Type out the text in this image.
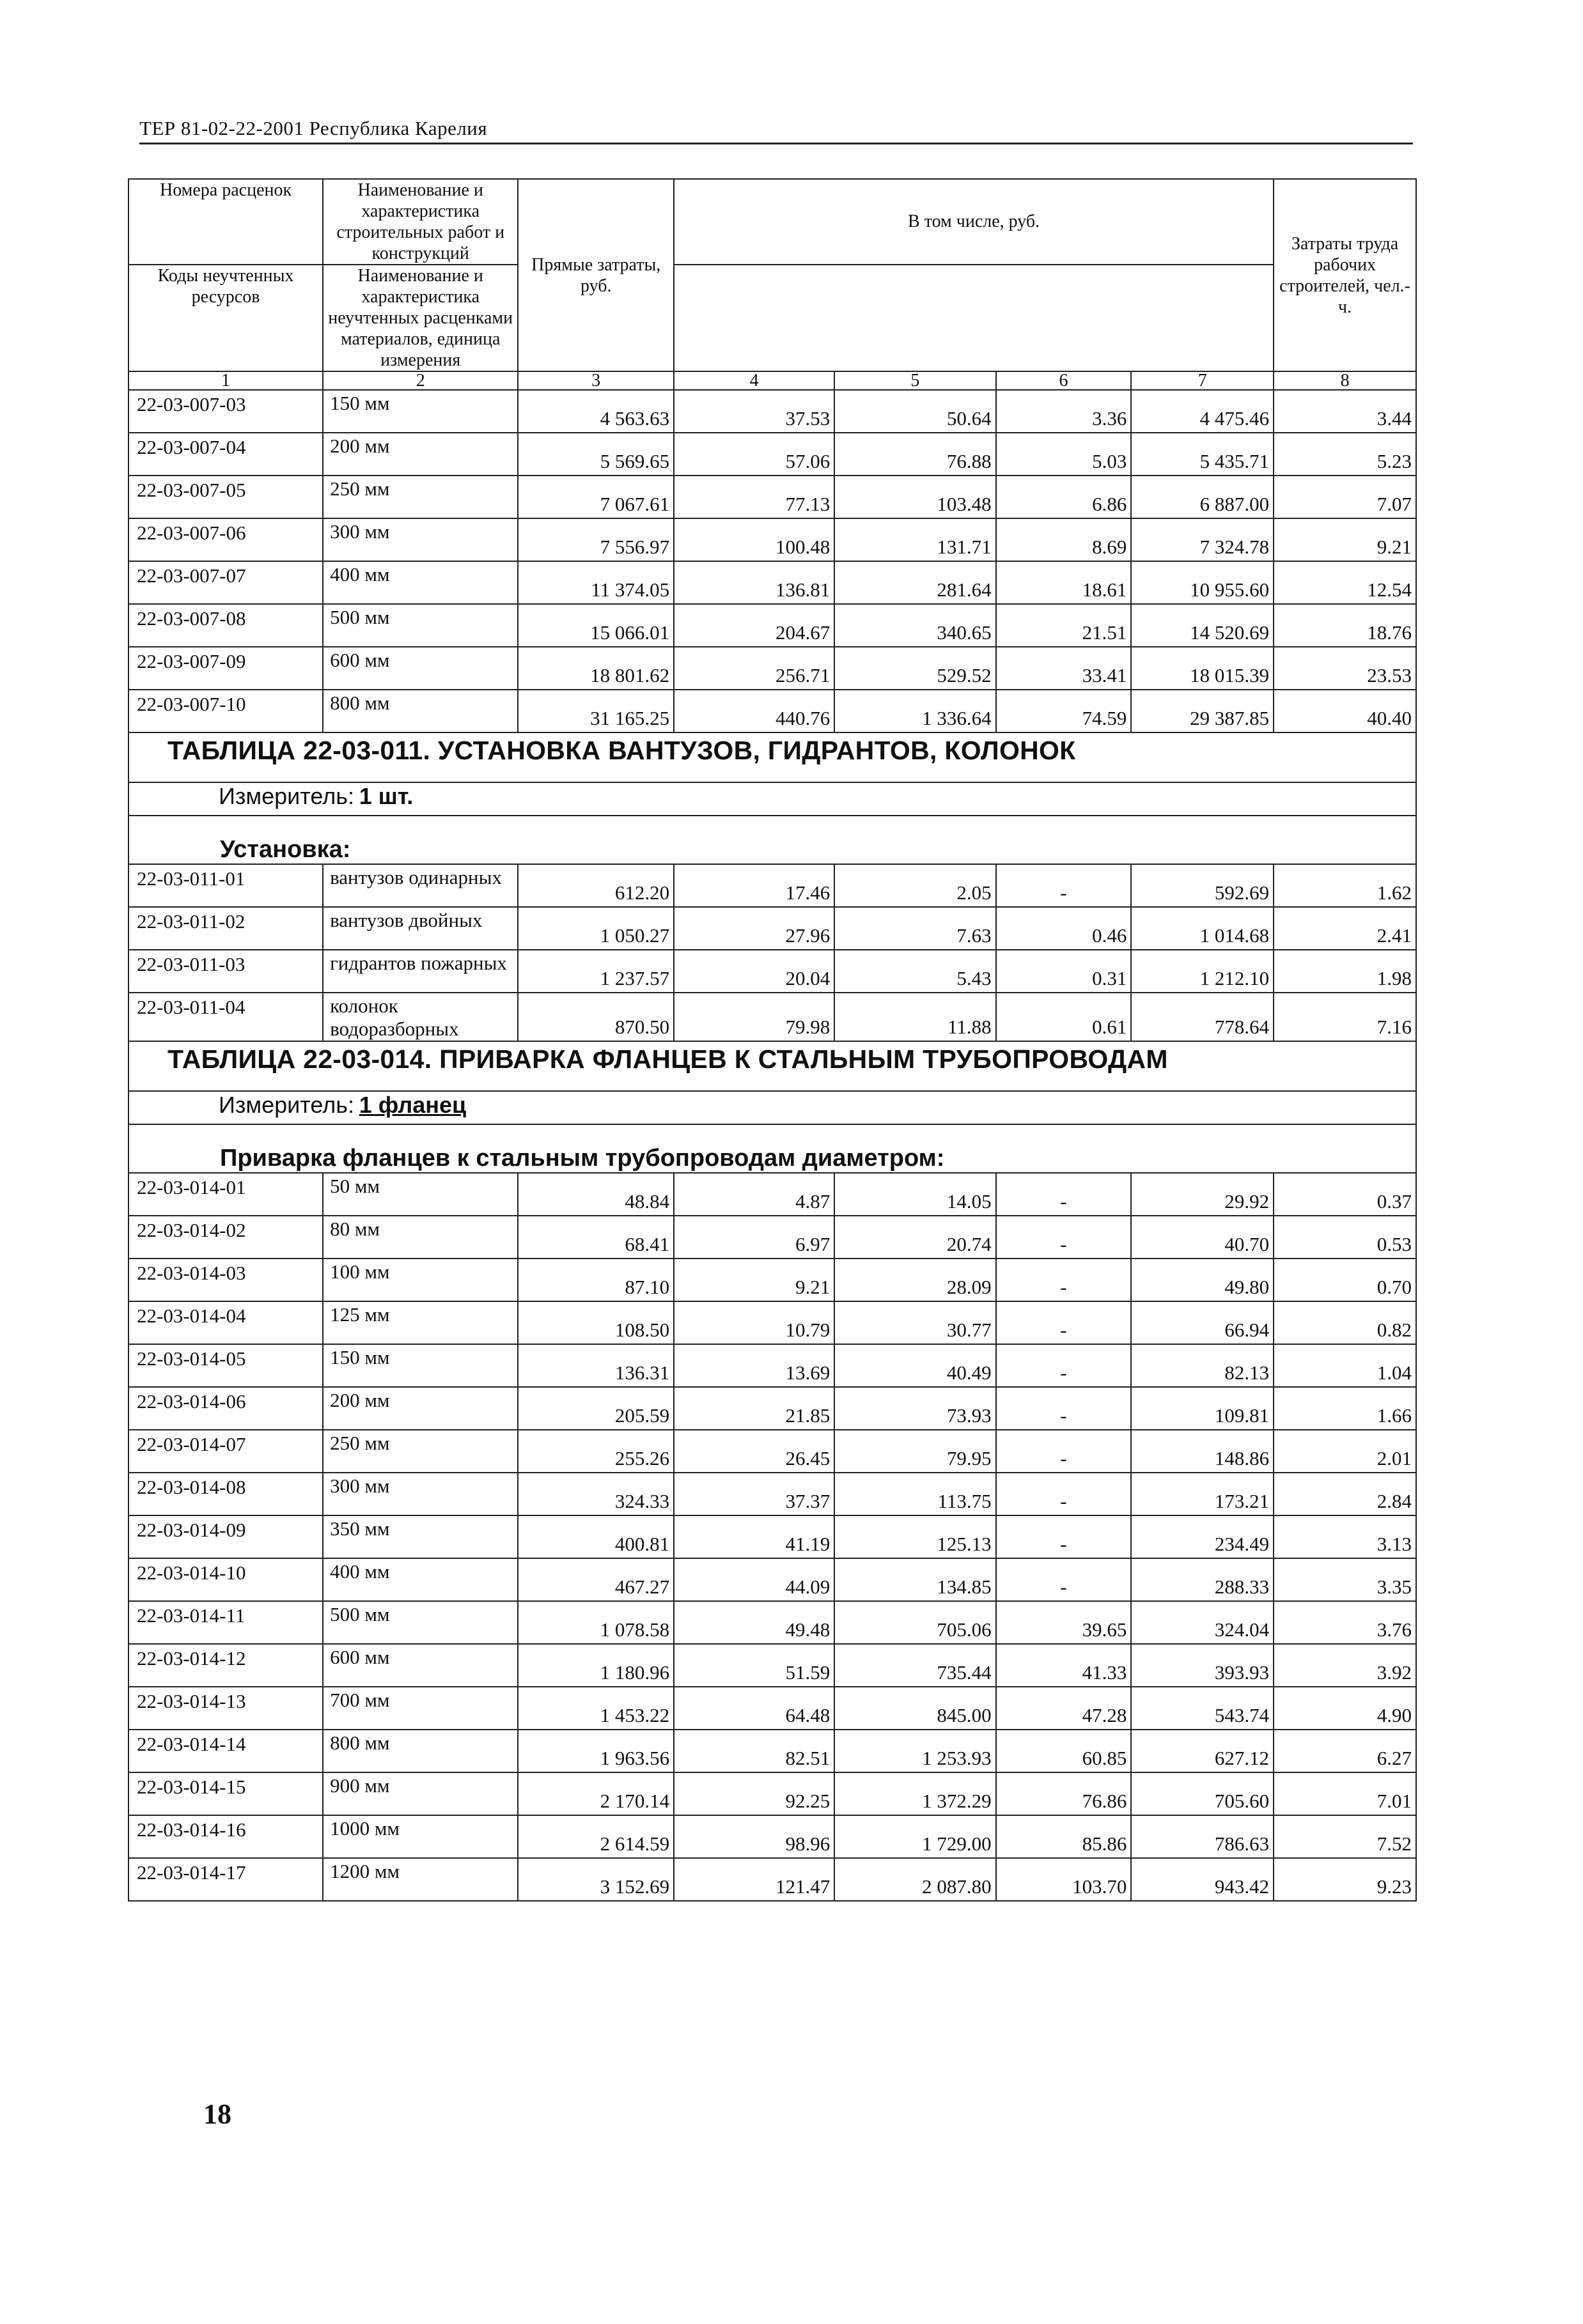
ТЕР 81-02-22-2001 Республика Карелия
Номера расценок	Наименование и характеристика строительных работ и конструкций	Прямые затраты, руб.	В том числе, руб.				Затраты труда рабочих строителей, чел.-ч.
Коды неучтенных ресурсов	Наименование и характеристика неучтенных расценками материалов, единица измерения						

1	2	3	4	5	6	7	8
22-03-007-03	150 мм	4 563.63	37.53	50.64	3.36	4 475.46	3.44
22-03-007-04	200 мм	5 569.65	57.06	76.88	5.03	5 435.71	5.23
22-03-007-05	250 мм	7 067.61	77.13	103.48	6.86	6 887.00	7.07
22-03-007-06	300 мм	7 556.97	100.48	131.71	8.69	7 324.78	9.21
22-03-007-07	400 мм	11 374.05	136.81	281.64	18.61	10 955.60	12.54
22-03-007-08	500 мм	15 066.01	204.67	340.65	21.51	14 520.69	18.76
22-03-007-09	600 мм	18 801.62	256.71	529.52	33.41	18 015.39	23.53
22-03-007-10	800 мм	31 165.25	440.76	1 336.64	74.59	29 387.85	40.40
ТАБЛИЦА 22-03-011. УСТАНОВКА ВАНТУЗОВ, ГИДРАНТОВ, КОЛОНОК							
Измеритель: 1 шт.							
Установка:							
22-03-011-01	вантузов одинарных	612.20	17.46	2.05	-	592.69	1.62
22-03-011-02	вантузов двойных	1 050.27	27.96	7.63	0.46	1 014.68	2.41
22-03-011-03	гидрантов пожарных	1 237.57	20.04	5.43	0.31	1 212.10	1.98
22-03-011-04	колонок водоразборных	870.50	79.98	11.88	0.61	778.64	7.16
ТАБЛИЦА 22-03-014. ПРИВАРКА ФЛАНЦЕВ К СТАЛЬНЫМ ТРУБОПРОВОДАМ							
Измеритель: 1 фланец							
Приварка фланцев к стальным трубопроводам диаметром:							
22-03-014-01	50 мм	48.84	4.87	14.05	-	29.92	0.37
22-03-014-02	80 мм	68.41	6.97	20.74	-	40.70	0.53
22-03-014-03	100 мм	87.10	9.21	28.09	-	49.80	0.70
22-03-014-04	125 мм	108.50	10.79	30.77	-	66.94	0.82
22-03-014-05	150 мм	136.31	13.69	40.49	-	82.13	1.04
22-03-014-06	200 мм	205.59	21.85	73.93	-	109.81	1.66
22-03-014-07	250 мм	255.26	26.45	79.95	-	148.86	2.01
22-03-014-08	300 мм	324.33	37.37	113.75	-	173.21	2.84
22-03-014-09	350 мм	400.81	41.19	125.13	-	234.49	3.13
22-03-014-10	400 мм	467.27	44.09	134.85	-	288.33	3.35
22-03-014-11	500 мм	1 078.58	49.48	705.06	39.65	324.04	3.76
22-03-014-12	600 мм	1 180.96	51.59	735.44	41.33	393.93	3.92
22-03-014-13	700 мм	1 453.22	64.48	845.00	47.28	543.74	4.90
22-03-014-14	800 мм	1 963.56	82.51	1 253.93	60.85	627.12	6.27
22-03-014-15	900 мм	2 170.14	92.25	1 372.29	76.86	705.60	7.01
22-03-014-16	1000 мм	2 614.59	98.96	1 729.00	85.86	786.63	7.52
22-03-014-17	1200 мм	3 152.69	121.47	2 087.80	103.70	943.42	9.23
18
